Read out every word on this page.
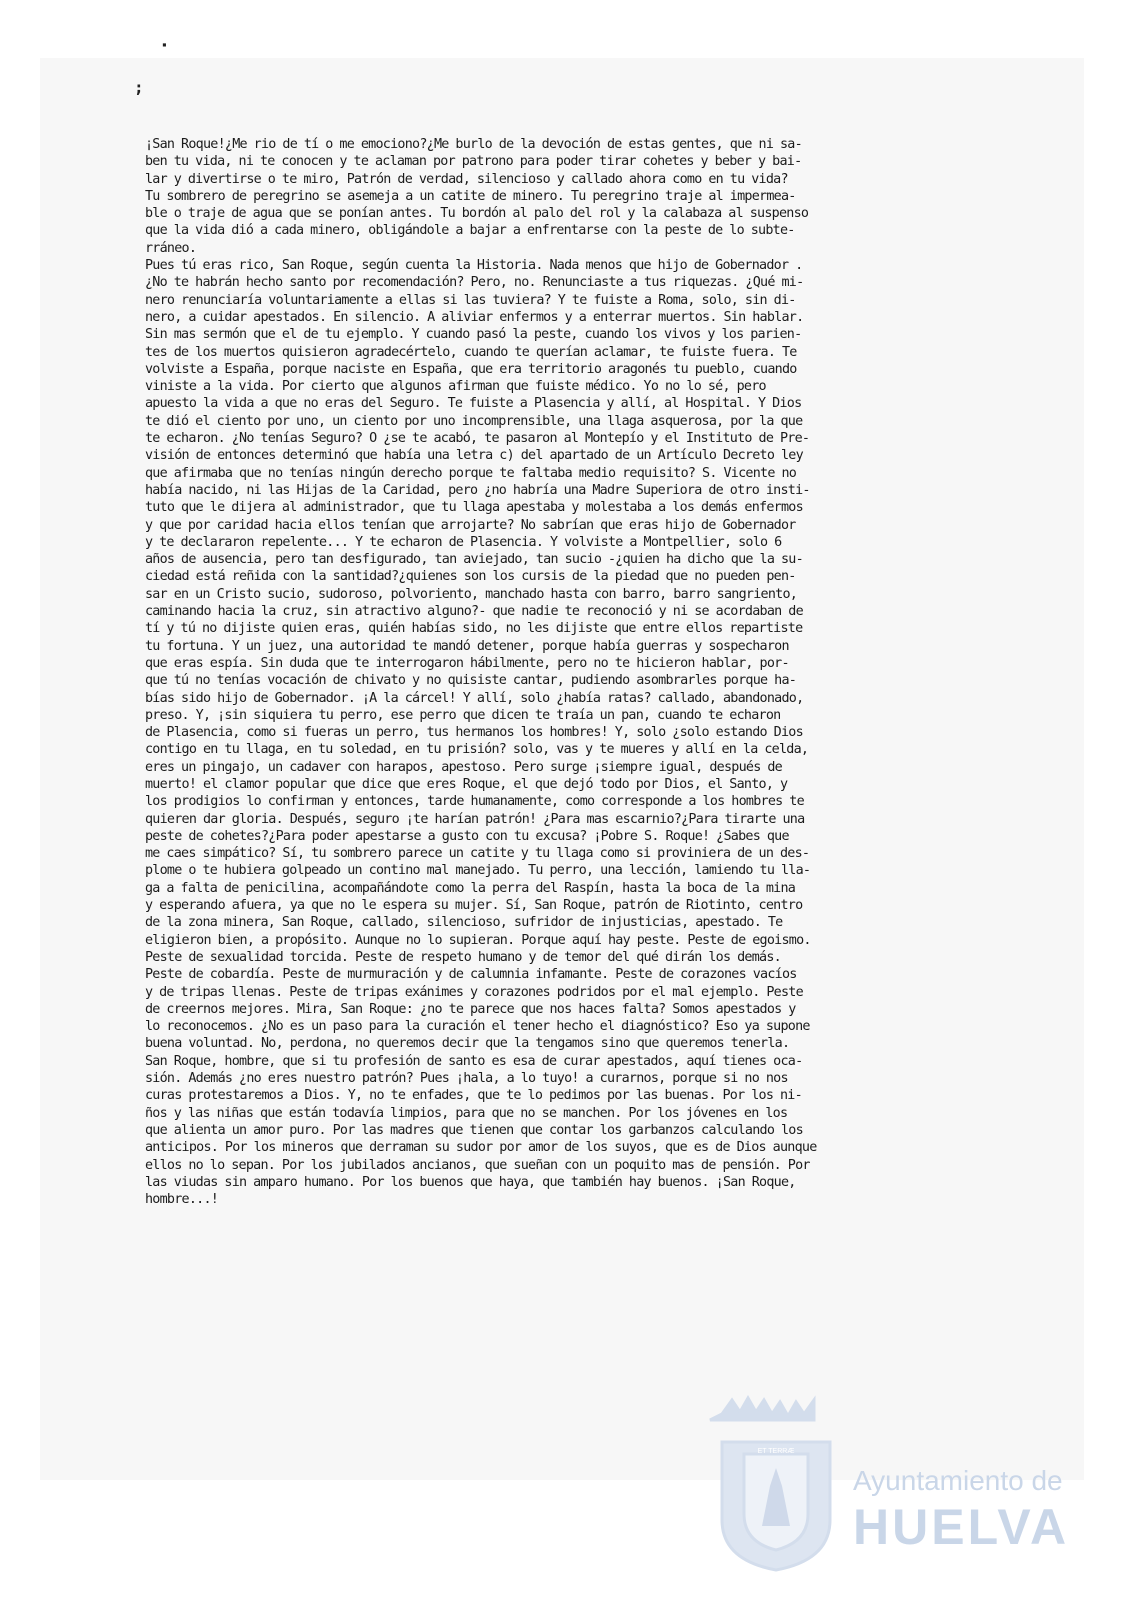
▪
;
¡San Roque!¿Me rio de tí o me emociono?¿Me burlo de la devoción de estas gentes, que ni sa-
ben tu vida, ni te conocen y te aclaman por patrono para poder tirar cohetes y beber y bai-
lar y divertirse o te miro, Patrón de verdad, silencioso y callado ahora como en tu vida?
Tu sombrero de peregrino se asemeja a un catite de minero. Tu peregrino traje al impermea-
ble o traje de agua que se ponían antes. Tu bordón al palo del rol y la calabaza al suspenso
que la vida dió a cada minero, obligándole a bajar a enfrentarse con la peste de lo subte-
rráneo.
Pues tú eras rico, San Roque, según cuenta la Historia. Nada menos que hijo de Gobernador .
¿No te habrán hecho santo por recomendación? Pero, no. Renunciaste a tus riquezas. ¿Qué mi-
nero renunciaría voluntariamente a ellas si las tuviera? Y te fuiste a Roma, solo, sin di-
nero, a cuidar apestados. En silencio. A aliviar enfermos y a enterrar muertos. Sin hablar.
Sin mas sermón que el de tu ejemplo. Y cuando pasó la peste, cuando los vivos y los parien-
tes de los muertos quisieron agradecértelo, cuando te querían aclamar, te fuiste fuera. Te
volviste a España, porque naciste en España, que era territorio aragonés tu pueblo, cuando
viniste a la vida. Por cierto que algunos afirman que fuiste médico. Yo no lo sé, pero
apuesto la vida a que no eras del Seguro. Te fuiste a Plasencia y allí, al Hospital. Y Dios
te dió el ciento por uno, un ciento por uno incomprensible, una llaga asquerosa, por la que
te echaron. ¿No tenías Seguro? O ¿se te acabó, te pasaron al Montepío y el Instituto de Pre-
visión de entonces determinó que había una letra c) del apartado de un Artículo Decreto ley
que afirmaba que no tenías ningún derecho porque te faltaba medio requisito? S. Vicente no
había nacido, ni las Hijas de la Caridad, pero ¿no habría una Madre Superiora de otro insti-
tuto que le dijera al administrador, que tu llaga apestaba y molestaba a los demás enfermos
y que por caridad hacia ellos tenían que arrojarte? No sabrían que eras hijo de Gobernador
y te declararon repelente... Y te echaron de Plasencia. Y volviste a Montpellier, solo 6
años de ausencia, pero tan desfigurado, tan aviejado, tan sucio -¿quien ha dicho que la su-
ciedad está reñida con la santidad?¿quienes son los cursis de la piedad que no pueden pen-
sar en un Cristo sucio, sudoroso, polvoriento, manchado hasta con barro, barro sangriento,
caminando hacia la cruz, sin atractivo alguno?- que nadie te reconoció y ni se acordaban de
tí y tú no dijiste quien eras, quién habías sido, no les dijiste que entre ellos repartiste
tu fortuna. Y un juez, una autoridad te mandó detener, porque había guerras y sospecharon
que eras espía. Sin duda que te interrogaron hábilmente, pero no te hicieron hablar, por-
que tú no tenías vocación de chivato y no quisiste cantar, pudiendo asombrarles porque ha-
bías sido hijo de Gobernador. ¡A la cárcel! Y allí, solo ¿había ratas? callado, abandonado,
preso. Y, ¡sin siquiera tu perro, ese perro que dicen te traía un pan, cuando te echaron
de Plasencia, como si fueras un perro, tus hermanos los hombres! Y, solo ¿solo estando Dios
contigo en tu llaga, en tu soledad, en tu prisión? solo, vas y te mueres y allí en la celda,
eres un pingajo, un cadaver con harapos, apestoso. Pero surge ¡siempre igual, después de
muerto! el clamor popular que dice que eres Roque, el que dejó todo por Dios, el Santo, y
los prodigios lo confirman y entonces, tarde humanamente, como corresponde a los hombres te
quieren dar gloria. Después, seguro ¡te harían patrón! ¿Para mas escarnio?¿Para tirarte una
peste de cohetes?¿Para poder apestarse a gusto con tu excusa? ¡Pobre S. Roque! ¿Sabes que
me caes simpático? Sí, tu sombrero parece un catite y tu llaga como si proviniera de un des-
plome o te hubiera golpeado un contino mal manejado. Tu perro, una lección, lamiendo tu lla-
ga a falta de penicilina, acompañándote como la perra del Raspín, hasta la boca de la mina
y esperando afuera, ya que no le espera su mujer. Sí, San Roque, patrón de Riotinto, centro
de la zona minera, San Roque, callado, silencioso, sufridor de injusticias, apestado. Te
eligieron bien, a propósito. Aunque no lo supieran. Porque aquí hay peste. Peste de egoismo.
Peste de sexualidad torcida. Peste de respeto humano y de temor del qué dirán los demás.
Peste de cobardía. Peste de murmuración y de calumnia infamante. Peste de corazones vacíos
y de tripas llenas. Peste de tripas exánimes y corazones podridos por el mal ejemplo. Peste
de creernos mejores. Mira, San Roque: ¿no te parece que nos haces falta? Somos apestados y
lo reconocemos. ¿No es un paso para la curación el tener hecho el diagnóstico? Eso ya supone
buena voluntad. No, perdona, no queremos decir que la tengamos sino que queremos tenerla.
San Roque, hombre, que si tu profesión de santo es esa de curar apestados, aquí tienes oca-
sión. Además ¿no eres nuestro patrón? Pues ¡hala, a lo tuyo! a curarnos, porque si no nos
curas protestaremos a Dios. Y, no te enfades, que te lo pedimos por las buenas. Por los ni-
ños y las niñas que están todavía limpios, para que no se manchen. Por los jóvenes en los
que alienta un amor puro. Por las madres que tienen que contar los garbanzos calculando los
anticipos. Por los mineros que derraman su sudor por amor de los suyos, que es de Dios aunque
ellos no lo sepan. Por los jubilados ancianos, que sueñan con un poquito mas de pensión. Por
las viudas sin amparo humano. Por los buenos que haya, que también hay buenos. ¡San Roque,
hombre...!
ET TERRÆ
Ayuntamiento de
HUELVA
